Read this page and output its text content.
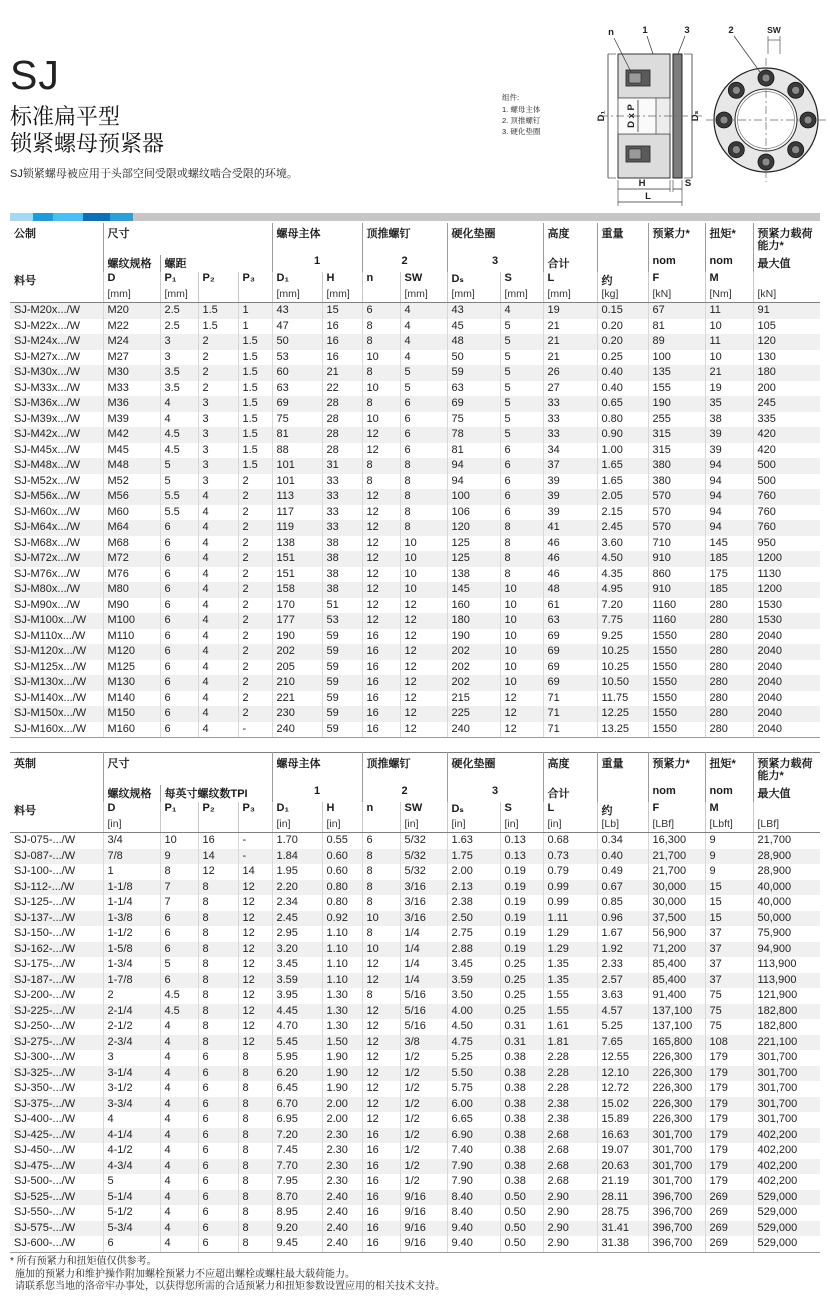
SJ
标准扁平型
锁紧螺母预紧器
SJ锁紧螺母被应用于头部空间受限或螺纹啮合受限的环境。
组件:
1. 螺母主体
2. 顶推螺钉
3. 硬化垫圈
D₁ D x P	Dₛ
H	S
L
n	1	3	2	SW
公制	尺寸				螺母主体		顶推螺钉		硬化垫圈		高度	重量	预紧力*	扭矩*	预紧力载荷能力*
	螺纹规格	螺距			1		2		3		合计		nom	nom	最大值
料号	D	P₁	P₂	P₃	D₁	H	n	SW	Dₛ	S	L	约	F	M	
	[mm]	[mm]			[mm]	[mm]		[mm]	[mm]	[mm]	[mm]	[kg]	[kN]	[Nm]	[kN]
SJ-M20x.../W	M20	2.5	1.5	1	43	15	6	4	43	4	19	0.15	67	11	91
SJ-M22x.../W	M22	2.5	1.5	1	47	16	8	4	45	5	21	0.20	81	10	105
SJ-M24x.../W	M24	3	2	1.5	50	16	8	4	48	5	21	0.20	89	11	120
SJ-M27x.../W	M27	3	2	1.5	53	16	10	4	50	5	21	0.25	100	10	130
SJ-M30x.../W	M30	3.5	2	1.5	60	21	8	5	59	5	26	0.40	135	21	180
SJ-M33x.../W	M33	3.5	2	1.5	63	22	10	5	63	5	27	0.40	155	19	200
SJ-M36x.../W	M36	4	3	1.5	69	28	8	6	69	5	33	0.65	190	35	245
SJ-M39x.../W	M39	4	3	1.5	75	28	10	6	75	5	33	0.80	255	38	335
SJ-M42x.../W	M42	4.5	3	1.5	81	28	12	6	78	5	33	0.90	315	39	420
SJ-M45x.../W	M45	4.5	3	1.5	88	28	12	6	81	6	34	1.00	315	39	420
SJ-M48x.../W	M48	5	3	1.5	101	31	8	8	94	6	37	1.65	380	94	500
SJ-M52x.../W	M52	5	3	2	101	33	8	8	94	6	39	1.65	380	94	500
SJ-M56x.../W	M56	5.5	4	2	113	33	12	8	100	6	39	2.05	570	94	760
SJ-M60x.../W	M60	5.5	4	2	117	33	12	8	106	6	39	2.15	570	94	760
SJ-M64x.../W	M64	6	4	2	119	33	12	8	120	8	41	2.45	570	94	760
SJ-M68x.../W	M68	6	4	2	138	38	12	10	125	8	46	3.60	710	145	950
SJ-M72x.../W	M72	6	4	2	151	38	12	10	125	8	46	4.50	910	185	1200
SJ-M76x.../W	M76	6	4	2	151	38	12	10	138	8	46	4.35	860	175	1130
SJ-M80x.../W	M80	6	4	2	158	38	12	10	145	10	48	4.95	910	185	1200
SJ-M90x.../W	M90	6	4	2	170	51	12	12	160	10	61	7.20	1160	280	1530
SJ-M100x.../W	M100	6	4	2	177	53	12	12	180	10	63	7.75	1160	280	1530
SJ-M110x.../W	M110	6	4	2	190	59	16	12	190	10	69	9.25	1550	280	2040
SJ-M120x.../W	M120	6	4	2	202	59	16	12	202	10	69	10.25	1550	280	2040
SJ-M125x.../W	M125	6	4	2	205	59	16	12	202	10	69	10.25	1550	280	2040
SJ-M130x.../W	M130	6	4	2	210	59	16	12	202	10	69	10.50	1550	280	2040
SJ-M140x.../W	M140	6	4	2	221	59	16	12	215	12	71	11.75	1550	280	2040
SJ-M150x.../W	M150	6	4	2	230	59	16	12	225	12	71	12.25	1550	280	2040
SJ-M160x.../W	M160	6	4	-	240	59	16	12	240	12	71	13.25	1550	280	2040
英制	尺寸				螺母主体		顶推螺钉		硬化垫圈		高度	重量	预紧力*	扭矩*	预紧力载荷能力*
	螺纹规格	每英寸螺纹数TPI			1		2		3		合计		nom	nom	最大值
料号	D	P₁	P₂	P₃	D₁	H	n	SW	Dₛ	S	L	约	F	M	
	[in]				[in]	[in]		[in]	[in]	[in]	[in]	[Lb]	[LBf]	[Lbft]	[LBf]
SJ-075-.../W	3/4	10	16	-	1.70	0.55	6	5/32	1.63	0.13	0.68	0.34	16,300	9	21,700
SJ-087-.../W	7/8	9	14	-	1.84	0.60	8	5/32	1.75	0.13	0.73	0.40	21,700	9	28,900
SJ-100-.../W	1	8	12	14	1.95	0.60	8	5/32	2.00	0.19	0.79	0.49	21,700	9	28,900
SJ-112-.../W	1-1/8	7	8	12	2.20	0.80	8	3/16	2.13	0.19	0.99	0.67	30,000	15	40,000
SJ-125-.../W	1-1/4	7	8	12	2.34	0.80	8	3/16	2.38	0.19	0.99	0.85	30,000	15	40,000
SJ-137-.../W	1-3/8	6	8	12	2.45	0.92	10	3/16	2.50	0.19	1.11	0.96	37,500	15	50,000
SJ-150-.../W	1-1/2	6	8	12	2.95	1.10	8	1/4	2.75	0.19	1.29	1.67	56,900	37	75,900
SJ-162-.../W	1-5/8	6	8	12	3.20	1.10	10	1/4	2.88	0.19	1.29	1.92	71,200	37	94,900
SJ-175-.../W	1-3/4	5	8	12	3.45	1.10	12	1/4	3.45	0.25	1.35	2.33	85,400	37	113,900
SJ-187-.../W	1-7/8	6	8	12	3.59	1.10	12	1/4	3.59	0.25	1.35	2.57	85,400	37	113,900
SJ-200-.../W	2	4.5	8	12	3.95	1.30	8	5/16	3.50	0.25	1.55	3.63	91,400	75	121,900
SJ-225-.../W	2-1/4	4.5	8	12	4.45	1.30	12	5/16	4.00	0.25	1.55	4.57	137,100	75	182,800
SJ-250-.../W	2-1/2	4	8	12	4.70	1.30	12	5/16	4.50	0.31	1.61	5.25	137,100	75	182,800
SJ-275-.../W	2-3/4	4	8	12	5.45	1.50	12	3/8	4.75	0.31	1.81	7.65	165,800	108	221,100
SJ-300-.../W	3	4	6	8	5.95	1.90	12	1/2	5.25	0.38	2.28	12.55	226,300	179	301,700
SJ-325-.../W	3-1/4	4	6	8	6.20	1.90	12	1/2	5.50	0.38	2.28	12.10	226,300	179	301,700
SJ-350-.../W	3-1/2	4	6	8	6.45	1.90	12	1/2	5.75	0.38	2.28	12.72	226,300	179	301,700
SJ-375-.../W	3-3/4	4	6	8	6.70	2.00	12	1/2	6.00	0.38	2.38	15.02	226,300	179	301,700
SJ-400-.../W	4	4	6	8	6.95	2.00	12	1/2	6.65	0.38	2.38	15.89	226,300	179	301,700
SJ-425-.../W	4-1/4	4	6	8	7.20	2.30	16	1/2	6.90	0.38	2.68	16.63	301,700	179	402,200
SJ-450-.../W	4-1/2	4	6	8	7.45	2.30	16	1/2	7.40	0.38	2.68	19.07	301,700	179	402,200
SJ-475-.../W	4-3/4	4	6	8	7.70	2.30	16	1/2	7.90	0.38	2.68	20.63	301,700	179	402,200
SJ-500-.../W	5	4	6	8	7.95	2.30	16	1/2	7.90	0.38	2.68	21.19	301,700	179	402,200
SJ-525-.../W	5-1/4	4	6	8	8.70	2.40	16	9/16	8.40	0.50	2.90	28.11	396,700	269	529,000
SJ-550-.../W	5-1/2	4	6	8	8.95	2.40	16	9/16	8.40	0.50	2.90	28.75	396,700	269	529,000
SJ-575-.../W	5-3/4	4	6	8	9.20	2.40	16	9/16	9.40	0.50	2.90	31.41	396,700	269	529,000
SJ-600-.../W	6	4	6	8	9.45	2.40	16	9/16	9.40	0.50	2.90	31.38	396,700	269	529,000
* 所有预紧力和扭矩值仅供参考。
施加的预紧力和维护操作附加螺栓预紧力不应超出螺栓或螺柱最大载荷能力。
请联系您当地的洛帝牢办事处，以获得您所需的合适预紧力和扭矩参数设置应用的相关技术支持。
